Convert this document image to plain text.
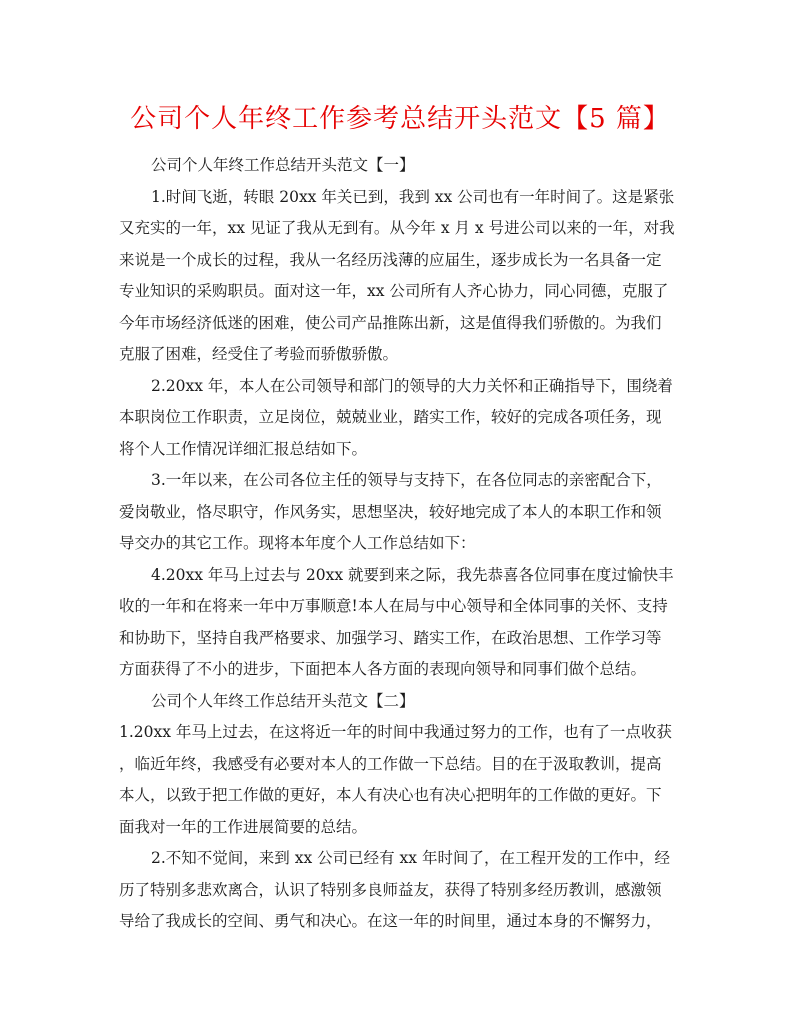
公司个人年终工作参考总结开头范文【5 篇】
公司个人年终工作总结开头范文【一】
1.时间飞逝，转眼 20xx 年关已到，我到 xx 公司也有一年时间了。这是紧张
又充实的一年，xx 见证了我从无到有。从今年 x 月 x 号进公司以来的一年，对我
来说是一个成长的过程，我从一名经历浅薄的应届生，逐步成长为一名具备一定
专业知识的采购职员。面对这一年，xx 公司所有人齐心协力，同心同德，克服了
今年市场经济低迷的困难，使公司产品推陈出新，这是值得我们骄傲的。为我们
克服了困难，经受住了考验而骄傲骄傲。
2.20xx 年，本人在公司领导和部门的领导的大力关怀和正确指导下，围绕着
本职岗位工作职责，立足岗位，兢兢业业，踏实工作，较好的完成各项任务，现
将个人工作情况详细汇报总结如下。
3.一年以来，在公司各位主任的领导与支持下，在各位同志的亲密配合下，
爱岗敬业，恪尽职守，作风务实，思想坚决，较好地完成了本人的本职工作和领
导交办的其它工作。现将本年度个人工作总结如下：
4.20xx 年马上过去与 20xx 就要到来之际，我先恭喜各位同事在度过愉快丰
收的一年和在将来一年中万事顺意!本人在局与中心领导和全体同事的关怀、支持
和协助下，坚持自我严格要求、加强学习、踏实工作，在政治思想、工作学习等
方面获得了不小的进步，下面把本人各方面的表现向领导和同事们做个总结。
公司个人年终工作总结开头范文【二】
1.20xx 年马上过去，在这将近一年的时间中我通过努力的工作，也有了一点收获
，临近年终，我感受有必要对本人的工作做一下总结。目的在于汲取教训，提高
本人，以致于把工作做的更好，本人有决心也有决心把明年的工作做的更好。下
面我对一年的工作进展简要的总结。
2.不知不觉间，来到 xx 公司已经有 xx 年时间了，在工程开发的工作中，经
历了特别多悲欢离合，认识了特别多良师益友，获得了特别多经历教训，感激领
导给了我成长的空间、勇气和决心。在这一年的时间里，通过本身的不懈努力，
